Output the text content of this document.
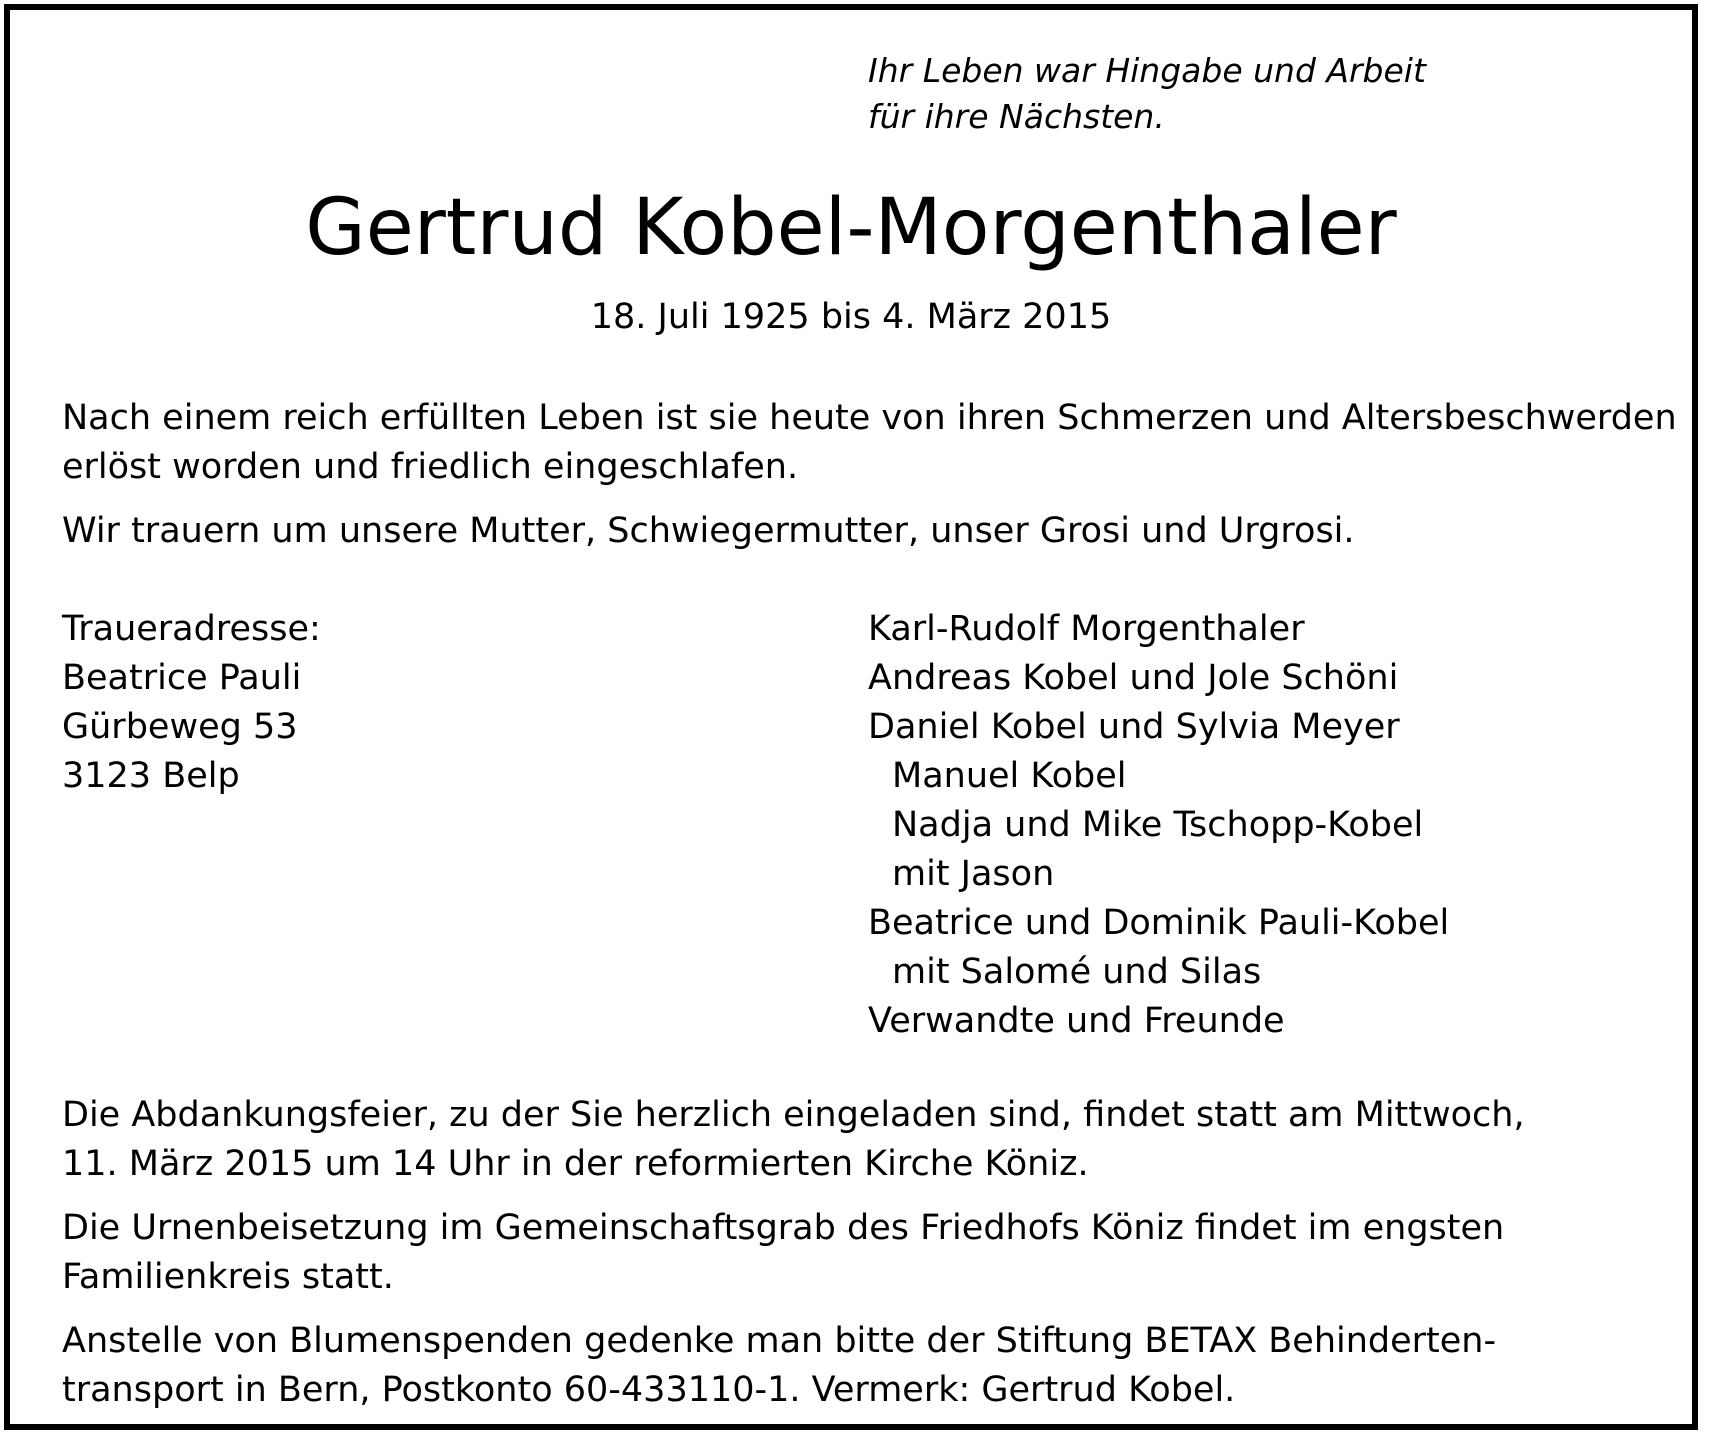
Ihr Leben war Hingabe und Arbeit
für ihre Nächsten.
Gertrud Kobel-Morgenthaler
18. Juli 1925 bis 4. März 2015
Nach einem reich erfüllten Leben ist sie heute von ihren Schmerzen und Altersbeschwerden
erlöst worden und friedlich eingeschlafen.
Wir trauern um unsere Mutter, Schwiegermutter, unser Grosi und Urgrosi.
Traueradresse:
Beatrice Pauli
Gürbeweg 53
3123 Belp
Karl-Rudolf Morgenthaler
Andreas Kobel und Jole Schöni
Daniel Kobel und Sylvia Meyer
Manuel Kobel
Nadja und Mike Tschopp-Kobel
mit Jason
Beatrice und Dominik Pauli-Kobel
mit Salomé und Silas
Verwandte und Freunde
Die Abdankungsfeier, zu der Sie herzlich eingeladen sind, findet statt am Mittwoch,
11. März 2015 um 14 Uhr in der reformierten Kirche Köniz.
Die Urnenbeisetzung im Gemeinschaftsgrab des Friedhofs Köniz findet im engsten
Familienkreis statt.
Anstelle von Blumenspenden gedenke man bitte der Stiftung BETAX Behinderten-
transport in Bern, Postkonto 60-433110-1. Vermerk: Gertrud Kobel.
